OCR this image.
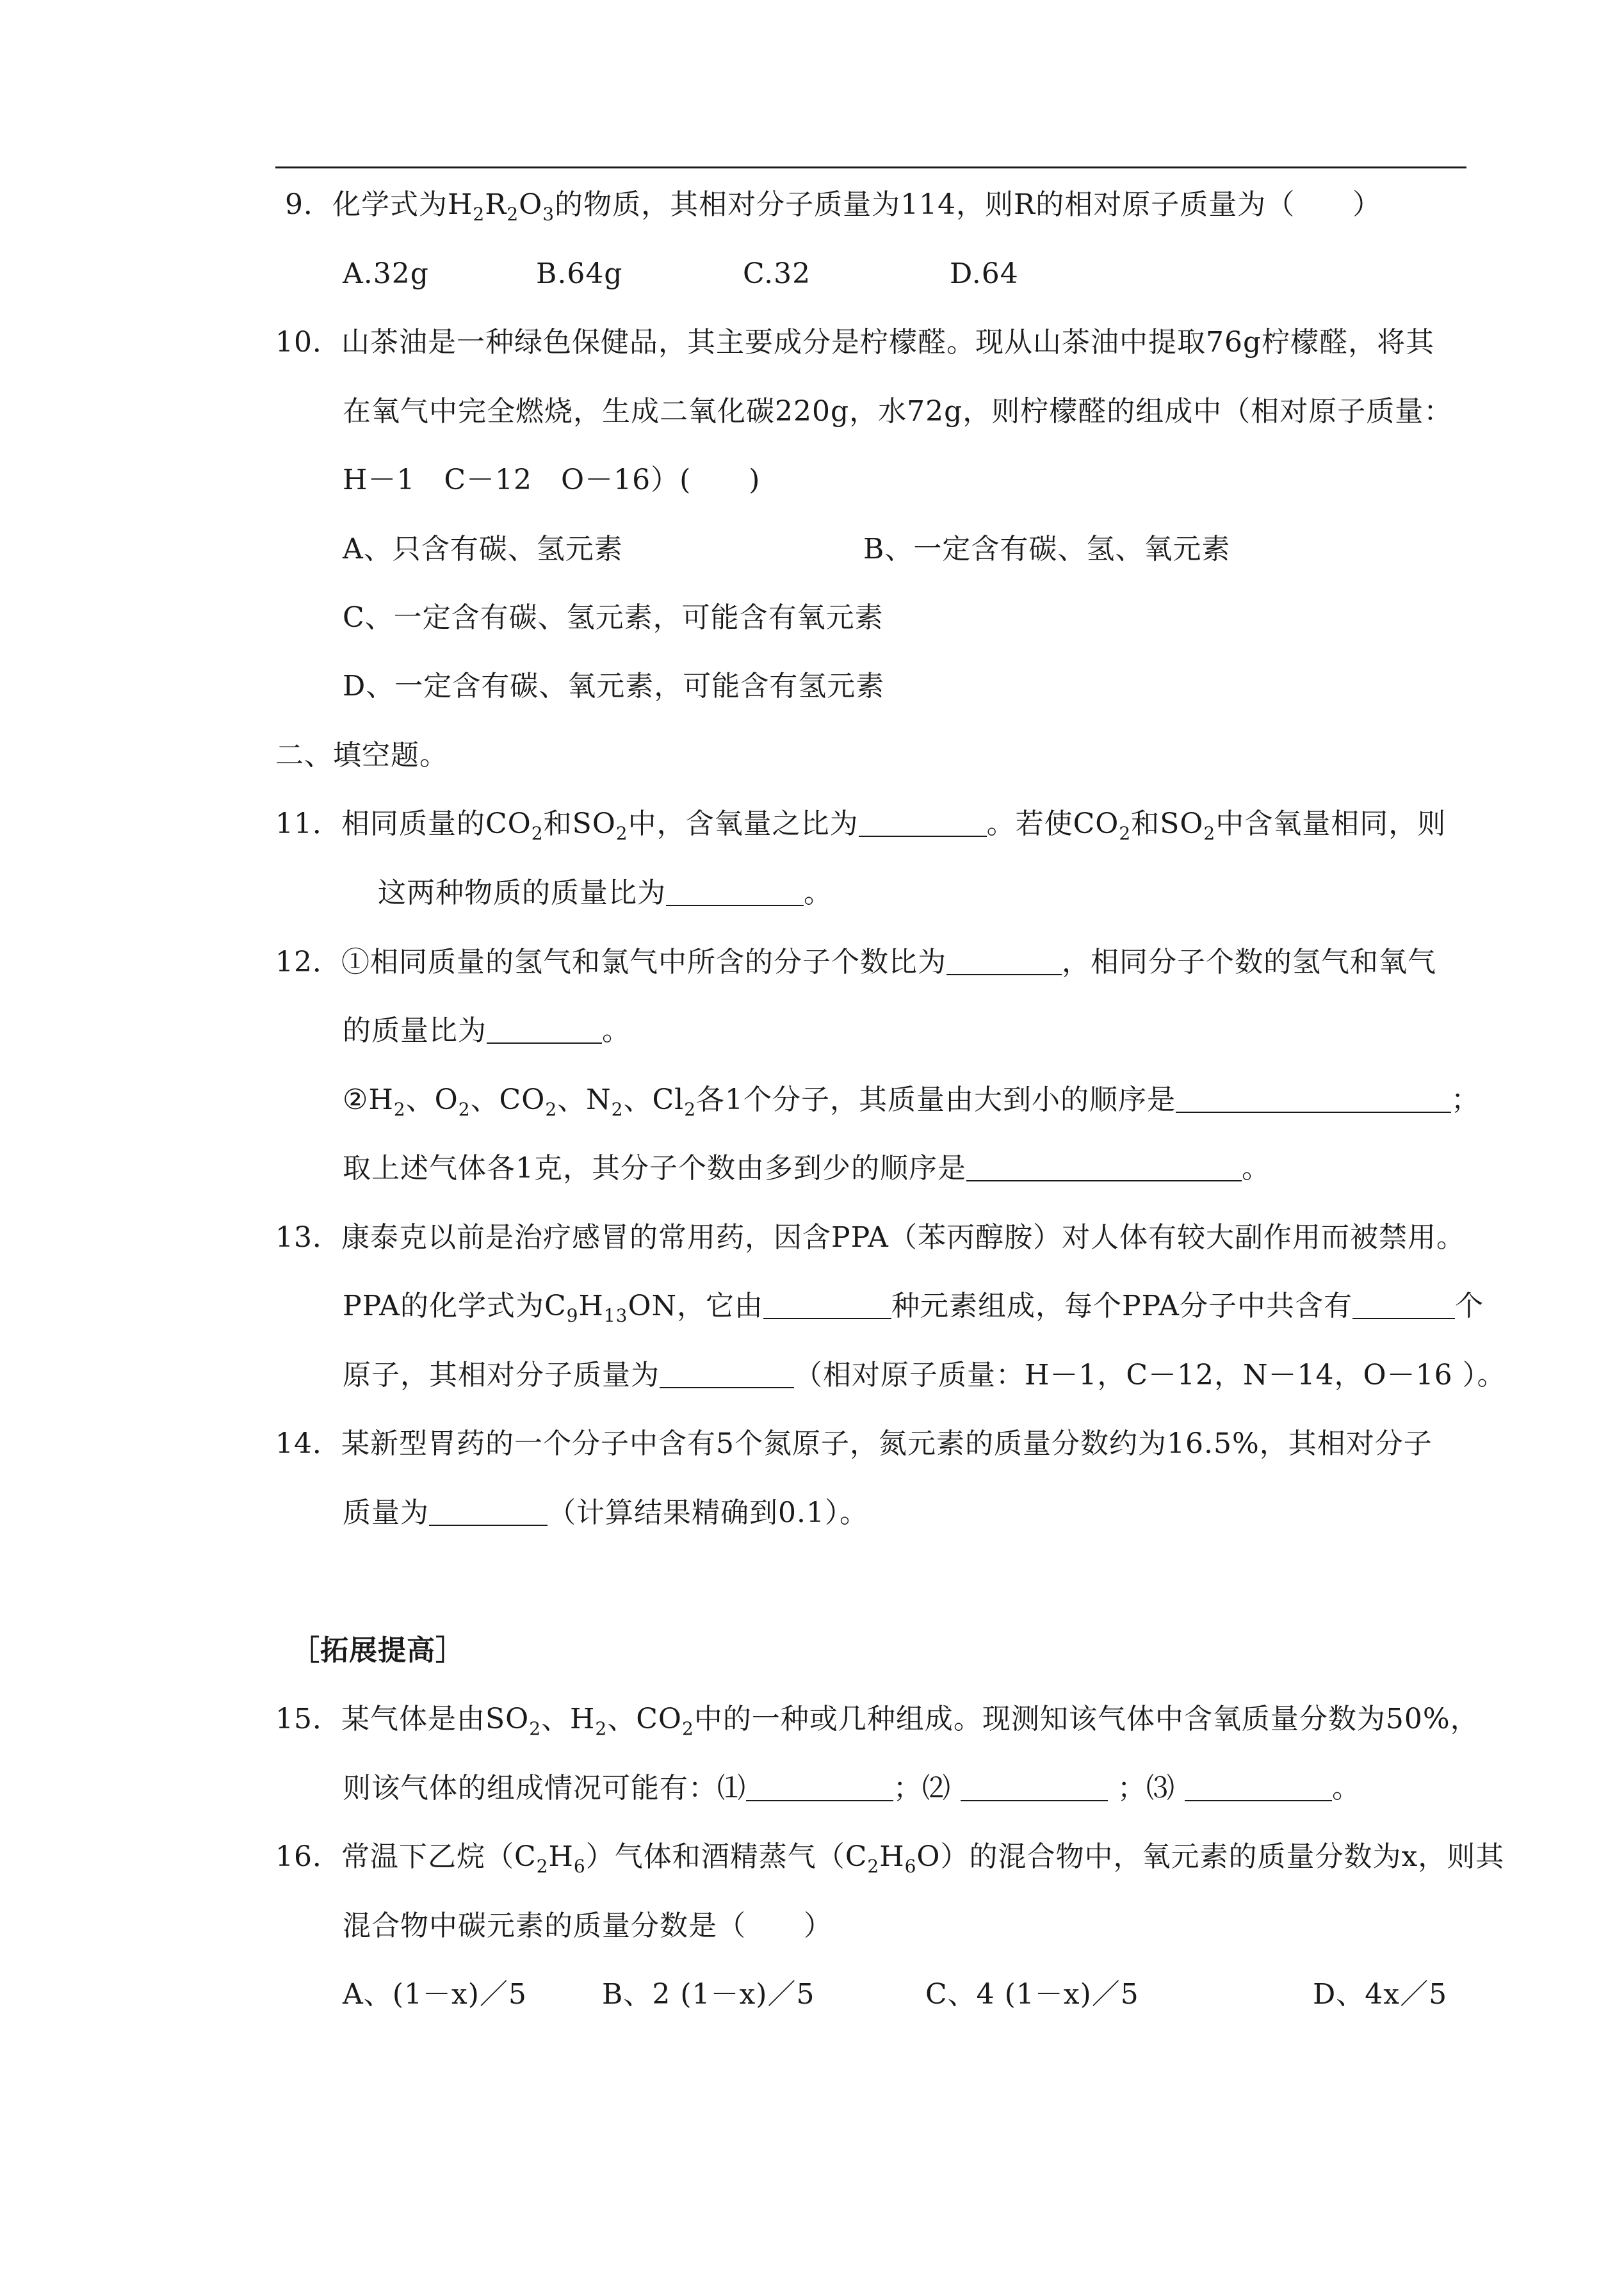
9．化学式为$H_2R_2O_3$的物质，其相对分子质量为114，则R的相对原子质量为（　　）
A.32g	B.64g	C.32	D.64
10．山茶油是一种绿色保健品，其主要成分是柠檬醛。现从山茶油中提取76g柠檬醛，将其
在氧气中完全燃烧，生成二氧化碳220g，水72g，则柠檬醛的组成中（相对原子质量：
H－1　C－12　O－16）(　　)
A、只含有碳、氢元素	B、一定含有碳、氢、氧元素
C、一定含有碳、氢元素，可能含有氧元素
D、一定含有碳、氧元素，可能含有氢元素
二、填空题。
11．相同质量的$CO_2$和$SO_2$中，含氧量之比为	。若使$CO_2$和$SO_2$中含氧量相同，则
这两种物质的质量比为	。
12．①相同质量的氢气和氯气中所含的分子个数比为	，相同分子个数的氢气和氧气
的质量比为	。
$②H_2$、$O_2$、$CO_2$、$N_2$、$Cl_2$各1个分子，其质量由大到小的顺序是	；
取上述气体各1克，其分子个数由多到少的顺序是	。
13．康泰克以前是治疗感冒的常用药，因含PPA（苯丙醇胺）对人体有较大副作用而被禁用。
PPA的化学式为$C_9H_{13}ON$，它由	种元素组成，每个PPA分子中共含有	个
原子，其相对分子质量为	（相对原子质量：H－1，C－12，N－14，O－16 ）。
14．某新型胃药的一个分子中含有5个氮原子，氮元素的质量分数约为16.5%，其相对分子
质量为	（计算结果精确到0.1）。
［拓展提高］
15．某气体是由$SO_2$、$H_2$、$CO_2$中的一种或几种组成。现测知该气体中含氧质量分数为50%，
则该气体的组成情况可能有：⑴	；⑵	；⑶	。
16．常温下乙烷$(C_2H_6)$气体和酒精蒸气$(C_2H_6O)$的混合物中，氧元素的质量分数为x，则其
混合物中碳元素的质量分数是（　　）
A、(1－x)／5	B、2 (1－x)／5	C、4 (1－x)／5	D、4x／5
